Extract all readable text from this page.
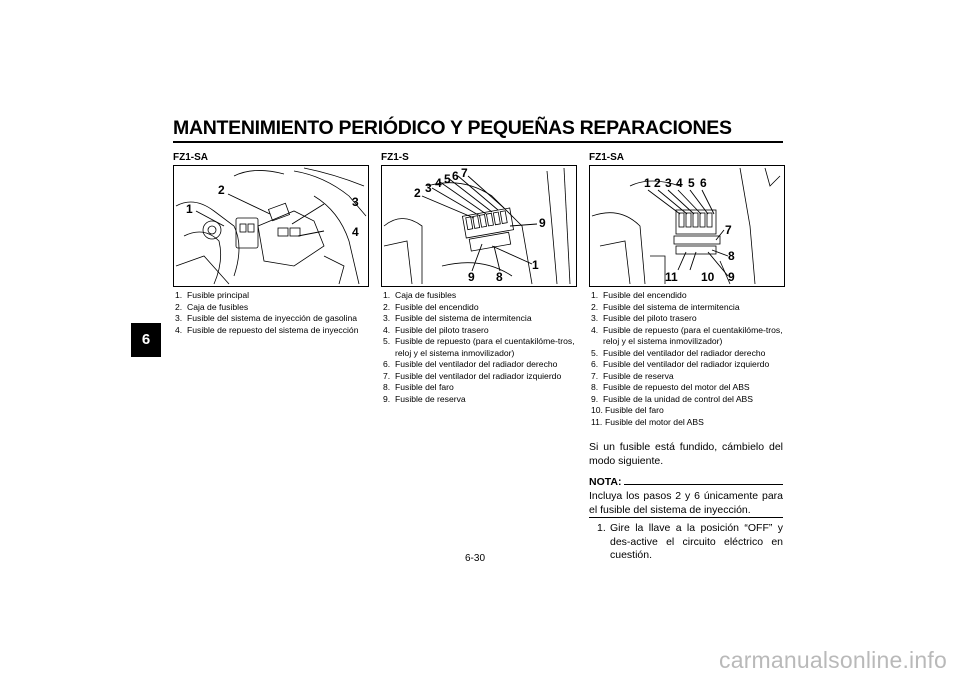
MANTENIMIENTO PERIÓDICO Y PEQUEÑAS REPARACIONES
6
FZ1-SA
1
2
3
4
1. Fusible principal
2. Caja de fusibles
3. Fusible del sistema de inyección de gasolina
4. Fusible de repuesto del sistema de inyección
FZ1-S
2 3 4 5 6 7
9
1
9 8
1. Caja de fusibles
2. Fusible del encendido
3. Fusible del sistema de intermitencia
4. Fusible del piloto trasero
5. Fusible de repuesto (para el cuentakilóme-tros, reloj y el sistema inmovilizador)
6. Fusible del ventilador del radiador derecho
7. Fusible del ventilador del radiador izquierdo
8. Fusible del faro
9. Fusible de reserva
FZ1-SA
1 2 3 4 5 6
7
8
11 10 9
1. Fusible del encendido
2. Fusible del sistema de intermitencia
3. Fusible del piloto trasero
4. Fusible de repuesto (para el cuentakilóme-tros, reloj y el sistema inmovilizador)
5. Fusible del ventilador del radiador derecho
6. Fusible del ventilador del radiador izquierdo
7. Fusible de reserva
8. Fusible de repuesto del motor del ABS
9. Fusible de la unidad de control del ABS
10. Fusible del faro
11. Fusible del motor del ABS
Si un fusible está fundido, cámbielo del modo siguiente.
NOTA:
Incluya los pasos 2 y 6 únicamente para el fusible del sistema de inyección.
1. Gire la llave a la posición “OFF” y des-active el circuito eléctrico en cuestión.
6-30
carmanualsonline.info
